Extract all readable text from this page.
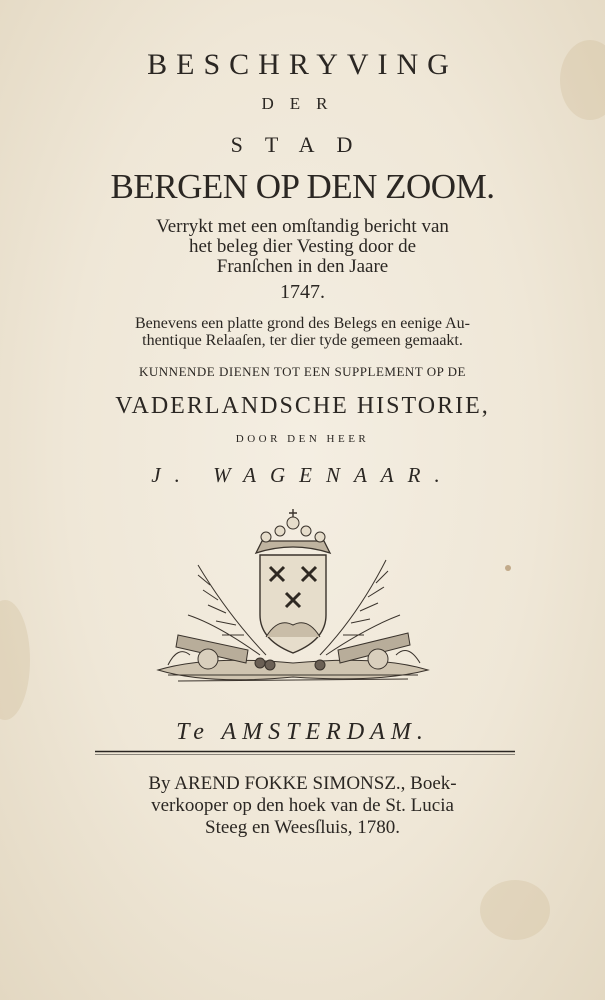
BESCHRYVING
DER
STAD
BERGEN OP DEN ZOOM.
Verrykt met een omſtandig bericht van
het beleg dier Vesting door de
Franſchen in den Jaare
1747.
Benevens een platte grond des Belegs en eenige Au-
thentique Relaaſen, ter dier tyde gemeen gemaakt.
KUNNENDE DIENEN TOT EEN SUPPLEMENT OP DE
VADERLANDSCHE HISTORIE,
DOOR DEN HEER
J. WAGENAAR.
Te AMSTERDAM.
By AREND FOKKE SIMONSZ., Boek-
verkooper op den hoek van de St. Lucia
Steeg en Weesſluis, 1780.
